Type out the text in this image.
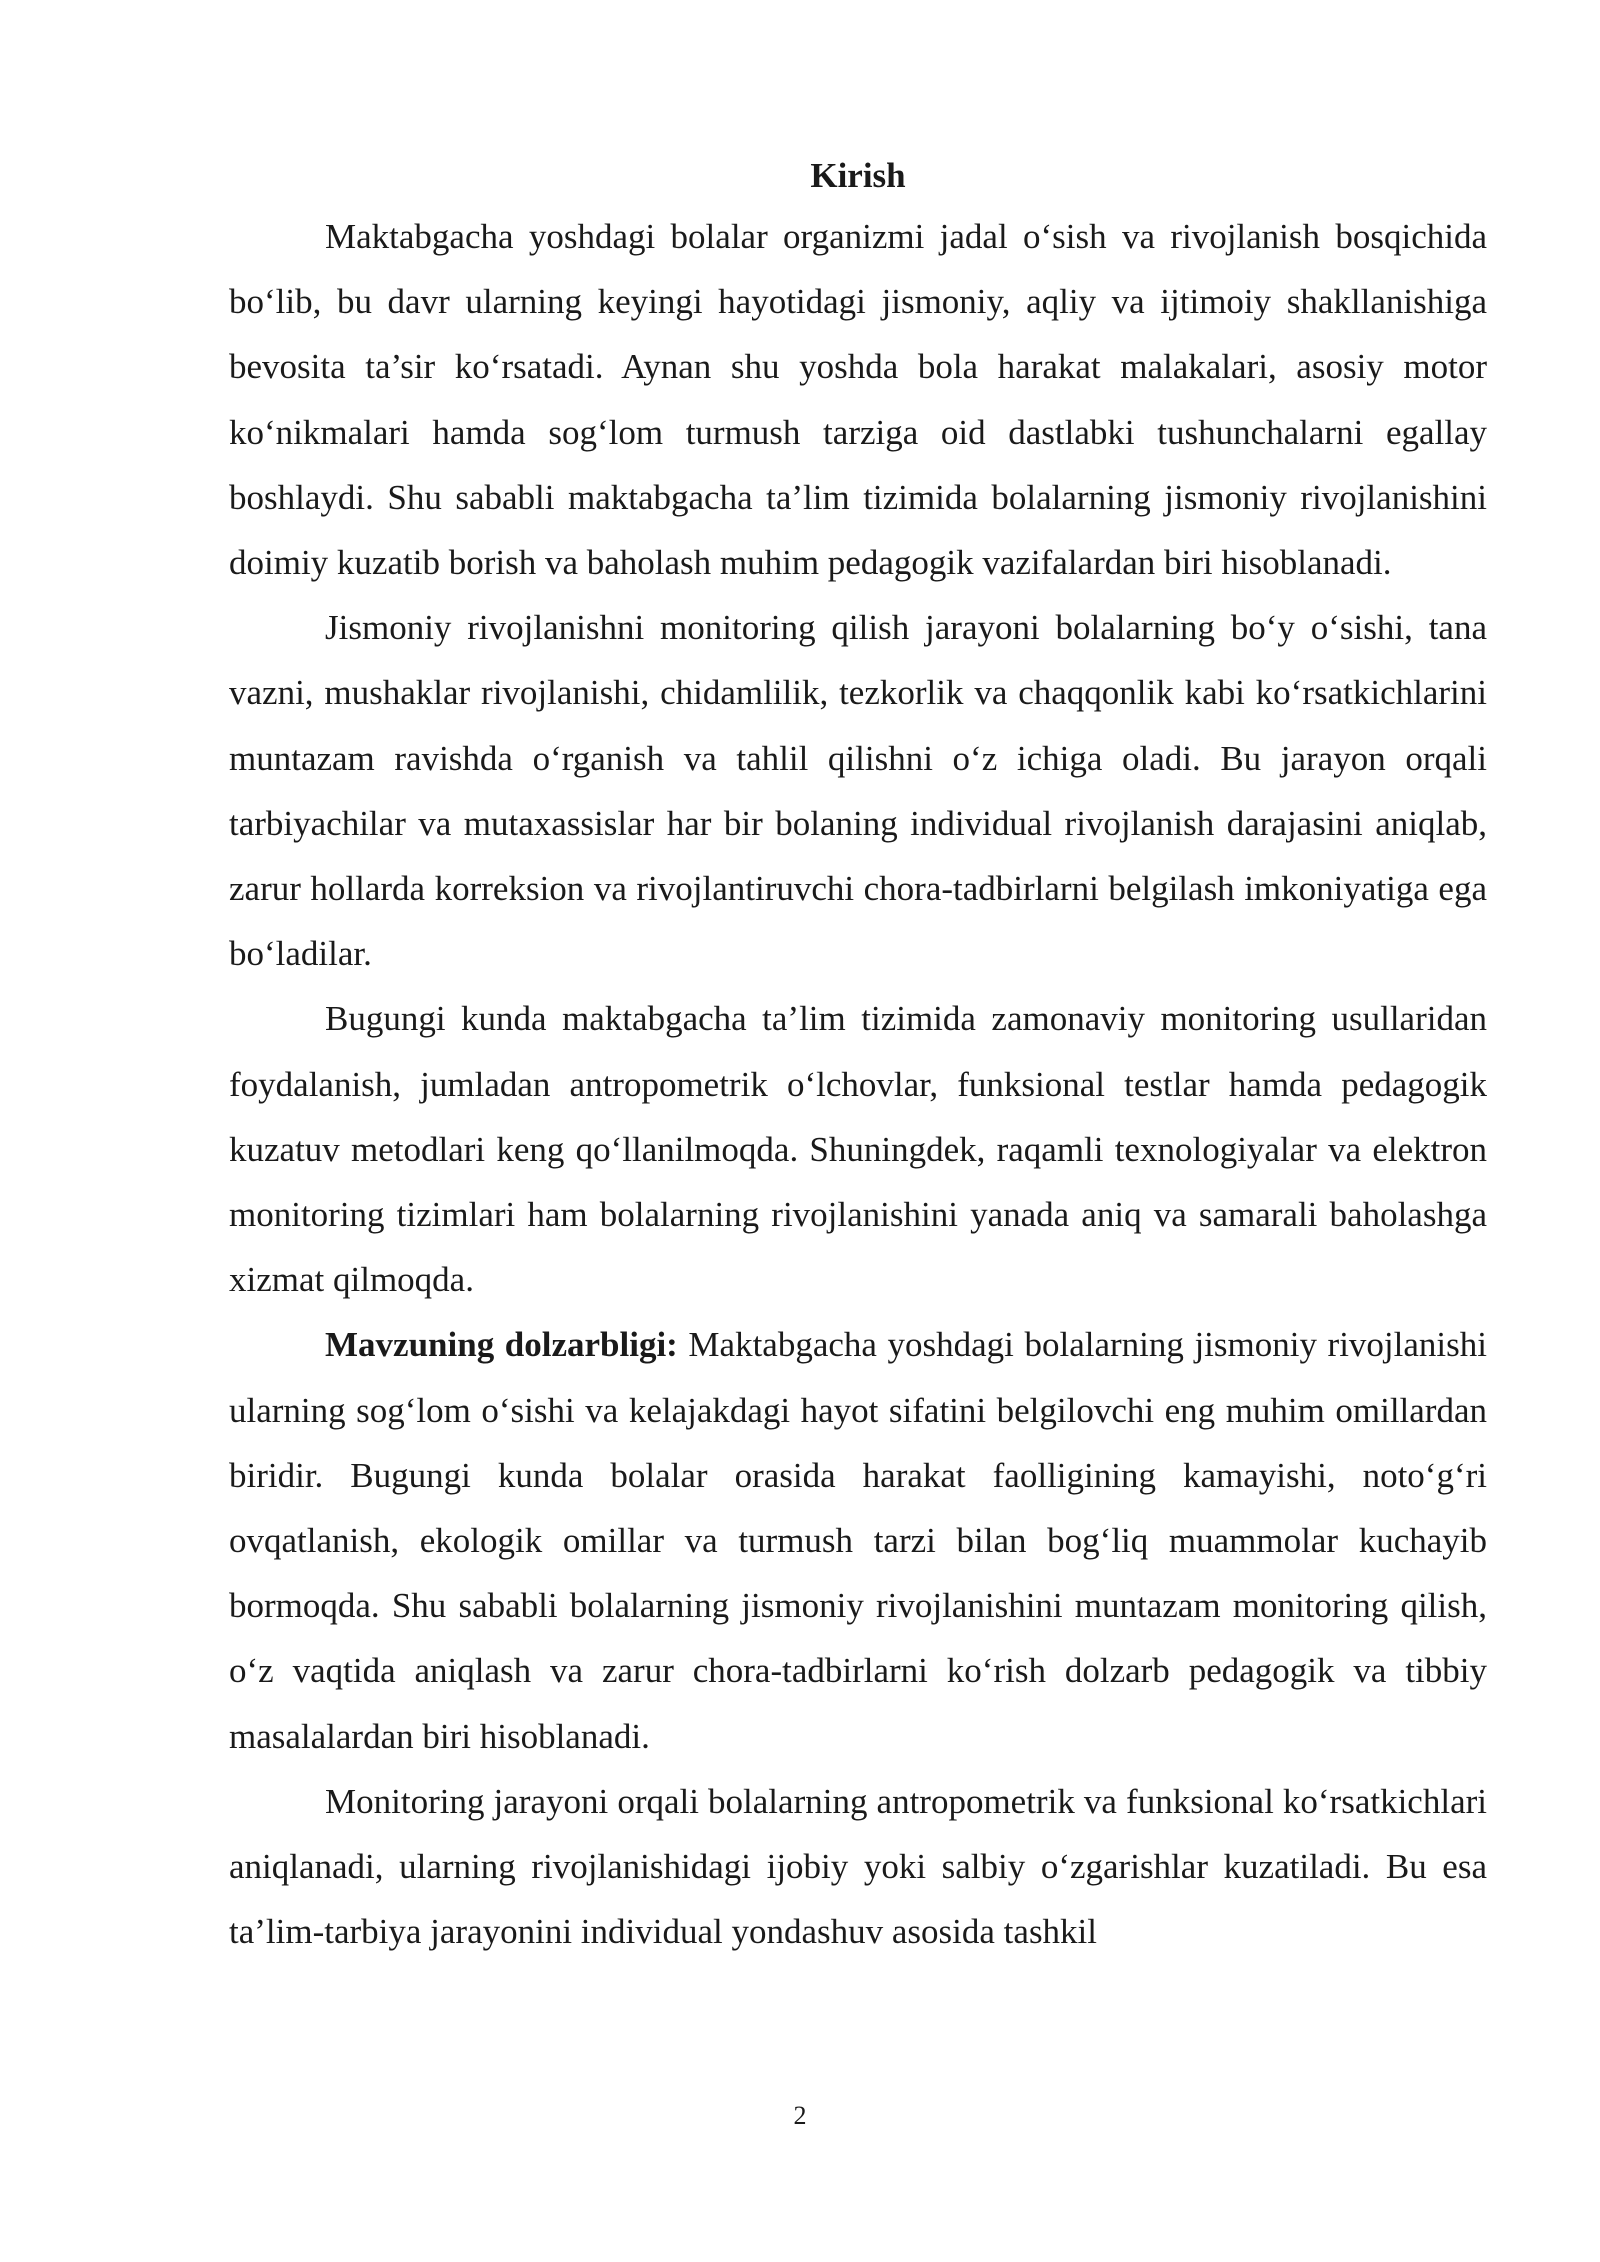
Kirish

Maktabgacha yoshdagi bolalar organizmi jadal o‘sish va rivojlanish bosqichida bo‘lib, bu davr ularning keyingi hayotidagi jismoniy, aqliy va ijtimoiy shakllanishiga bevosita ta’sir ko‘rsatadi. Aynan shu yoshda bola harakat malakalari, asosiy motor ko‘nikmalari hamda sog‘lom turmush tarziga oid dastlabki tushunchalarni egallay boshlaydi. Shu sababli maktabgacha ta’lim tizimida bolalarning jismoniy rivojlanishini doimiy kuzatib borish va baholash muhim pedagogik vazifalardan biri hisoblanadi.

Jismoniy rivojlanishni monitoring qilish jarayoni bolalarning bo‘y o‘sishi, tana vazni, mushaklar rivojlanishi, chidamlilik, tezkorlik va chaqqonlik kabi ko‘rsatkichlarini muntazam ravishda o‘rganish va tahlil qilishni o‘z ichiga oladi. Bu jarayon orqali tarbiyachilar va mutaxassislar har bir bolaning individual rivojlanish darajasini aniqlab, zarur hollarda korreksion va rivojlantiruvchi chora-tadbirlarni belgilash imkoniyatiga ega bo‘ladilar.

Bugungi kunda maktabgacha ta’lim tizimida zamonaviy monitoring usullaridan foydalanish, jumladan antropometrik o‘lchovlar, funksional testlar hamda pedagogik kuzatuv metodlari keng qo‘llanilmoqda. Shuningdek, raqamli texnologiyalar va elektron monitoring tizimlari ham bolalarning rivojlanishini yanada aniq va samarali baholashga xizmat qilmoqda.

Mavzuning dolzarbligi: Maktabgacha yoshdagi bolalarning jismoniy rivojlanishi ularning sog‘lom o‘sishi va kelajakdagi hayot sifatini belgilovchi eng muhim omillardan biridir. Bugungi kunda bolalar orasida harakat faolligining kamayishi, noto‘g‘ri ovqatlanish, ekologik omillar va turmush tarzi bilan bog‘liq muammolar kuchayib bormoqda. Shu sababli bolalarning jismoniy rivojlanishini muntazam monitoring qilish, o‘z vaqtida aniqlash va zarur chora-tadbirlarni ko‘rish dolzarb pedagogik va tibbiy masalalardan biri hisoblanadi.

Monitoring jarayoni orqali bolalarning antropometrik va funksional ko‘rsatkichlari aniqlanadi, ularning rivojlanishidagi ijobiy yoki salbiy o‘zgarishlar kuzatiladi. Bu esa ta’lim-tarbiya jarayonini individual yondashuv asosida tashkil

2
